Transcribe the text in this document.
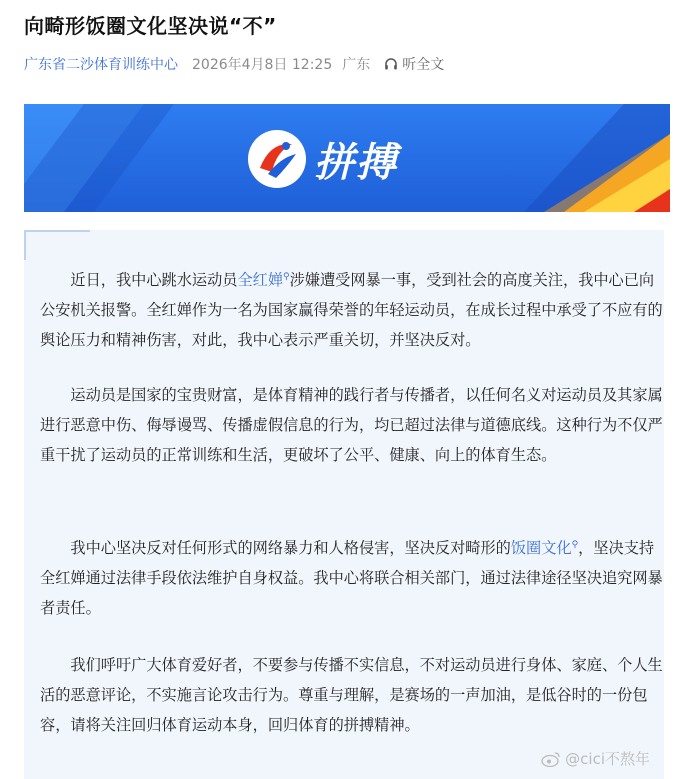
向畸形饭圈文化坚决说“不”
广东省二沙体育训练中心 2026年4月8日 12:25 广东 听全文
拼搏

近日，我中心跳水运动员全红婵⚲涉嫌遭受网暴一事，受到社会的高度关注，我中心已向公安机关报警。全红婵作为一名为国家赢得荣誉的年轻运动员，在成长过程中承受了不应有的舆论压力和精神伤害，对此，我中心表示严重关切，并坚决反对。

运动员是国家的宝贵财富，是体育精神的践行者与传播者，以任何名义对运动员及其家属进行恶意中伤、侮辱谩骂、传播虚假信息的行为，均已超过法律与道德底线。这种行为不仅严重干扰了运动员的正常训练和生活，更破坏了公平、健康、向上的体育生态。

我中心坚决反对任何形式的网络暴力和人格侵害，坚决反对畸形的饭圈文化⚲，坚决支持全红婵通过法律手段依法维护自身权益。我中心将联合相关部门，通过法律途径坚决追究网暴者责任。

我们呼吁广大体育爱好者，不要参与传播不实信息，不对运动员进行身体、家庭、个人生活的恶意评论，不实施言论攻击行为。尊重与理解，是赛场的一声加油，是低谷时的一份包容，请将关注回归体育运动本身，回归体育的拼搏精神。

@cici不熬年
